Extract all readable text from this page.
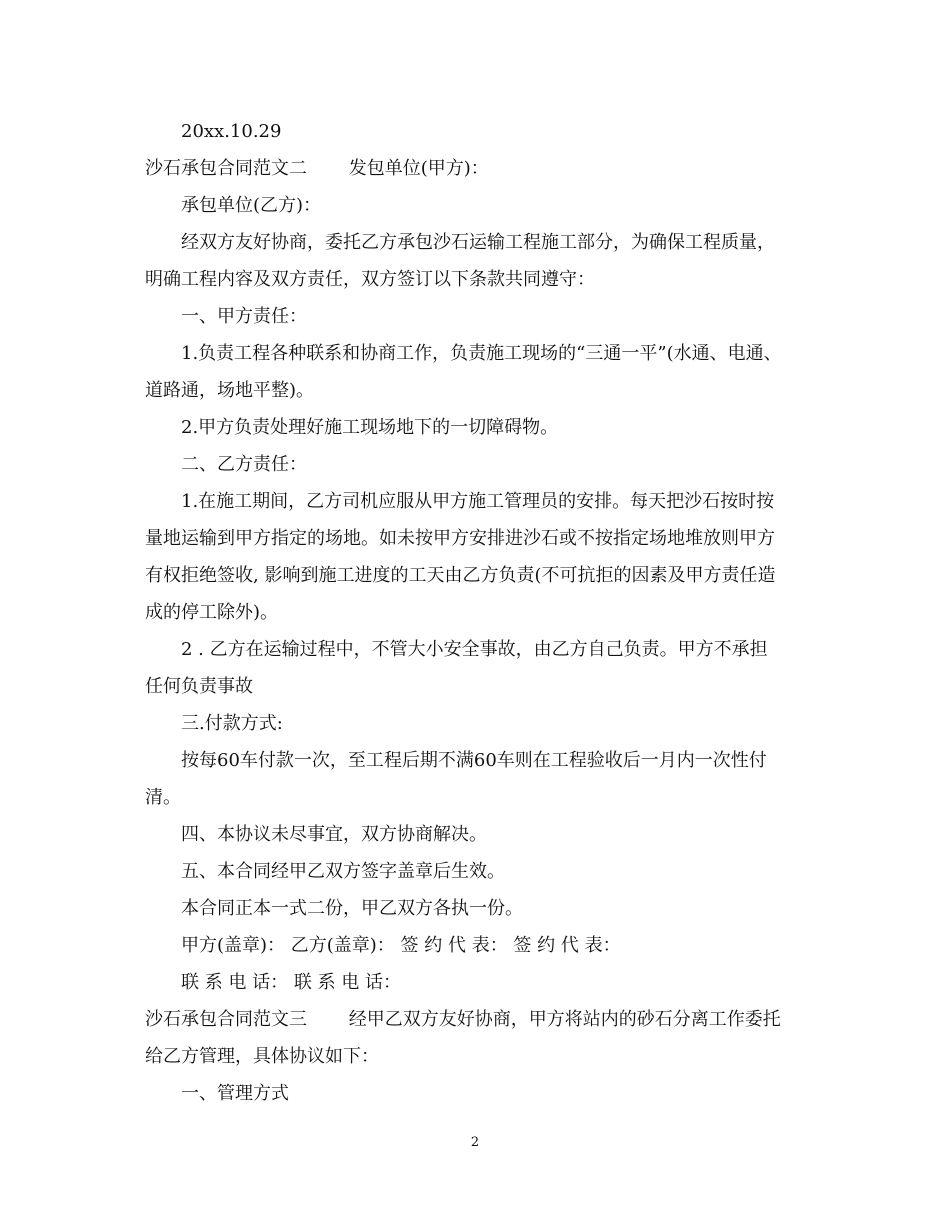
20xx.10.29
沙石承包合同范文二　　 发包单位(甲方)：
承包单位(乙方)：
经双方友好协商，委托乙方承包沙石运输工程施工部分，为确保工程质量，
明确工程内容及双方责任，双方签订以下条款共同遵守：
一、甲方责任：
1.负责工程各种联系和协商工作，负责施工现场的“三通一平”(水通、电通、
道路通，场地平整)。
2.甲方负责处理好施工现场地下的一切障碍物。
二、乙方责任：
1.在施工期间，乙方司机应服从甲方施工管理员的安排。每天把沙石按时按
量地运输到甲方指定的场地。如未按甲方安排进沙石或不按指定场地堆放则甲方
有权拒绝签收, 影响到施工进度的工天由乙方负责(不可抗拒的因素及甲方责任造
成的停工除外)。
2 . 乙方在运输过程中，不管大小安全事故，由乙方自己负责。甲方不承担
任何负责事故
三.付款方式:
按每60车付款一次，至工程后期不满60车则在工程验收后一月内一次性付
清。
四、本协议未尽事宜，双方协商解决。
五、本合同经甲乙双方签字盖章后生效。
本合同正本一式二份，甲乙双方各执一份。
甲方(盖章)： 乙方(盖章)： 签 约 代 表： 签 约 代 表：
联 系 电 话： 联 系 电 话：
沙石承包合同范文三　　 经甲乙双方友好协商，甲方将站内的砂石分离工作委托
给乙方管理，具体协议如下：
一、管理方式
2
